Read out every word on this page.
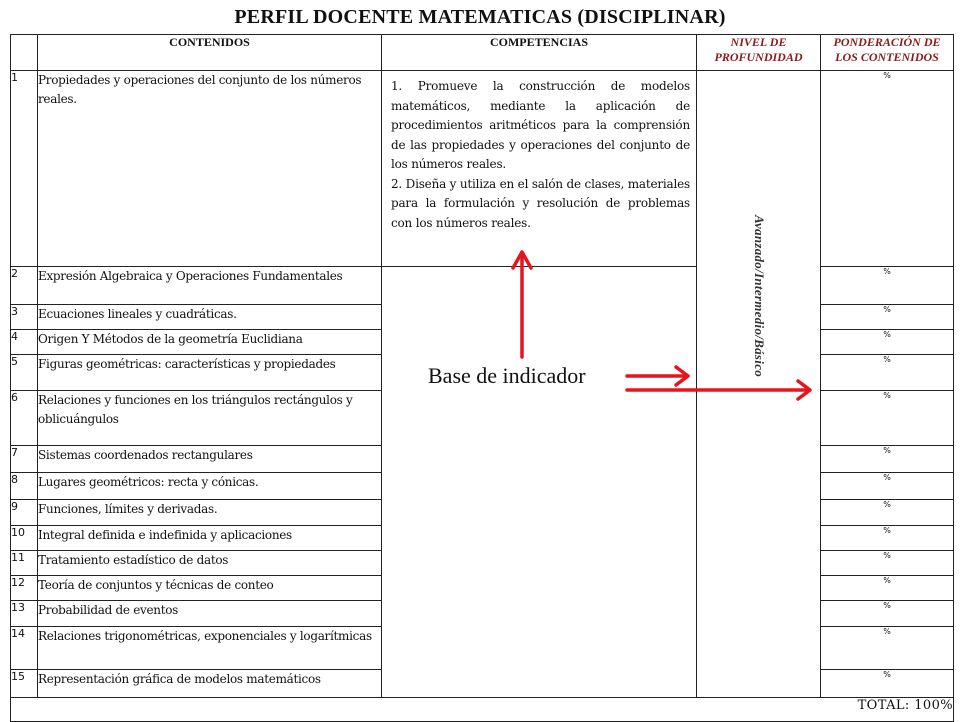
PERFIL DOCENTE MATEMATICAS (DISCIPLINAR)
	CONTENIDOS	COMPETENCIAS	NIVEL DE PROFUNDIDAD	PONDERACIÓN DE LOS CONTENIDOS
1	Propiedades y operaciones del conjunto de los números reales.	1. Promueve la construcción de modelos matemáticos, mediante la aplicación de procedimientos aritméticos para la comprensión de las propiedades y operaciones del conjunto de los números reales.

2. Diseña y utiliza en el salón de clases, materiales para la formulación y resolución de problemas con los números reales.	Avanzado/Intermedio/Básico	%
2	Expresión Algebraica y Operaciones Fundamentales			%
3	Ecuaciones lineales y cuadráticas.			%
4	Origen Y Métodos de la geometría Euclidiana			%
5	Figuras geométricas: características y propiedades			%
6	Relaciones y funciones en los triángulos rectángulos y oblicuángulos			%
7	Sistemas coordenados rectangulares			%
8	Lugares geométricos: recta y cónicas.			%
9	Funciones, límites y derivadas.			%
10	Integral definida e indefinida y aplicaciones			%
11	Tratamiento estadístico de datos			%
12	Teoría de conjuntos y técnicas de conteo			%
13	Probabilidad de eventos			%
14	Relaciones trigonométricas, exponenciales y logarítmicas			%
15	Representación gráfica de modelos matemáticos			%
TOTAL: 100%				
Base de indicador
